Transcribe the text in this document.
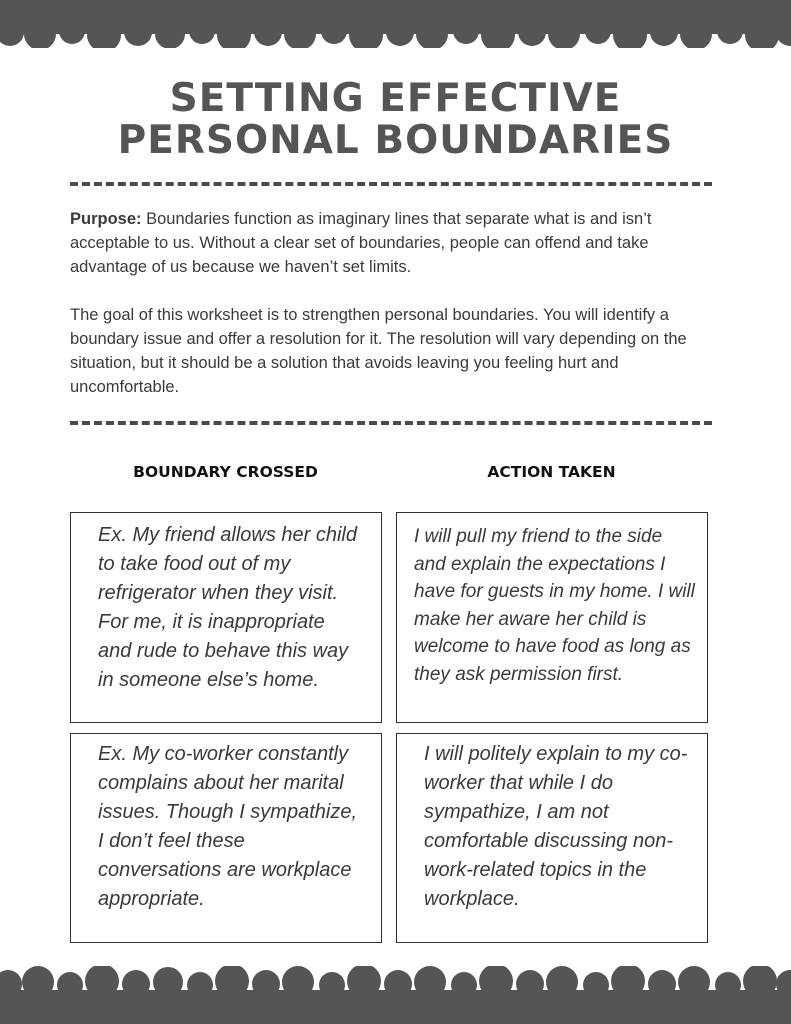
SETTING EFFECTIVE
PERSONAL BOUNDARIES

Purpose: Boundaries function as imaginary lines that separate what is and isn’t acceptable to us. Without a clear set of boundaries, people can offend and take advantage of us because we haven’t set limits.

The goal of this worksheet is to strengthen personal boundaries. You will identify a boundary issue and offer a resolution for it. The resolution will vary depending on the situation, but it should be a solution that avoids leaving you feeling hurt and uncomfortable.

BOUNDARY CROSSED	ACTION TAKEN
Ex. My friend allows her child to take food out of my refrigerator when they visit. For me, it is inappropriate and rude to behave this way in someone else’s home.
I will pull my friend to the side and explain the expectations I have for guests in my home. I will make her aware her child is welcome to have food as long as they ask permission first.
Ex. My co-worker constantly complains about her marital issues. Though I sympathize, I don’t feel these conversations are workplace appropriate.
I will politely explain to my co-worker that while I do sympathize, I am not comfortable discussing non-work-related topics in the workplace.
